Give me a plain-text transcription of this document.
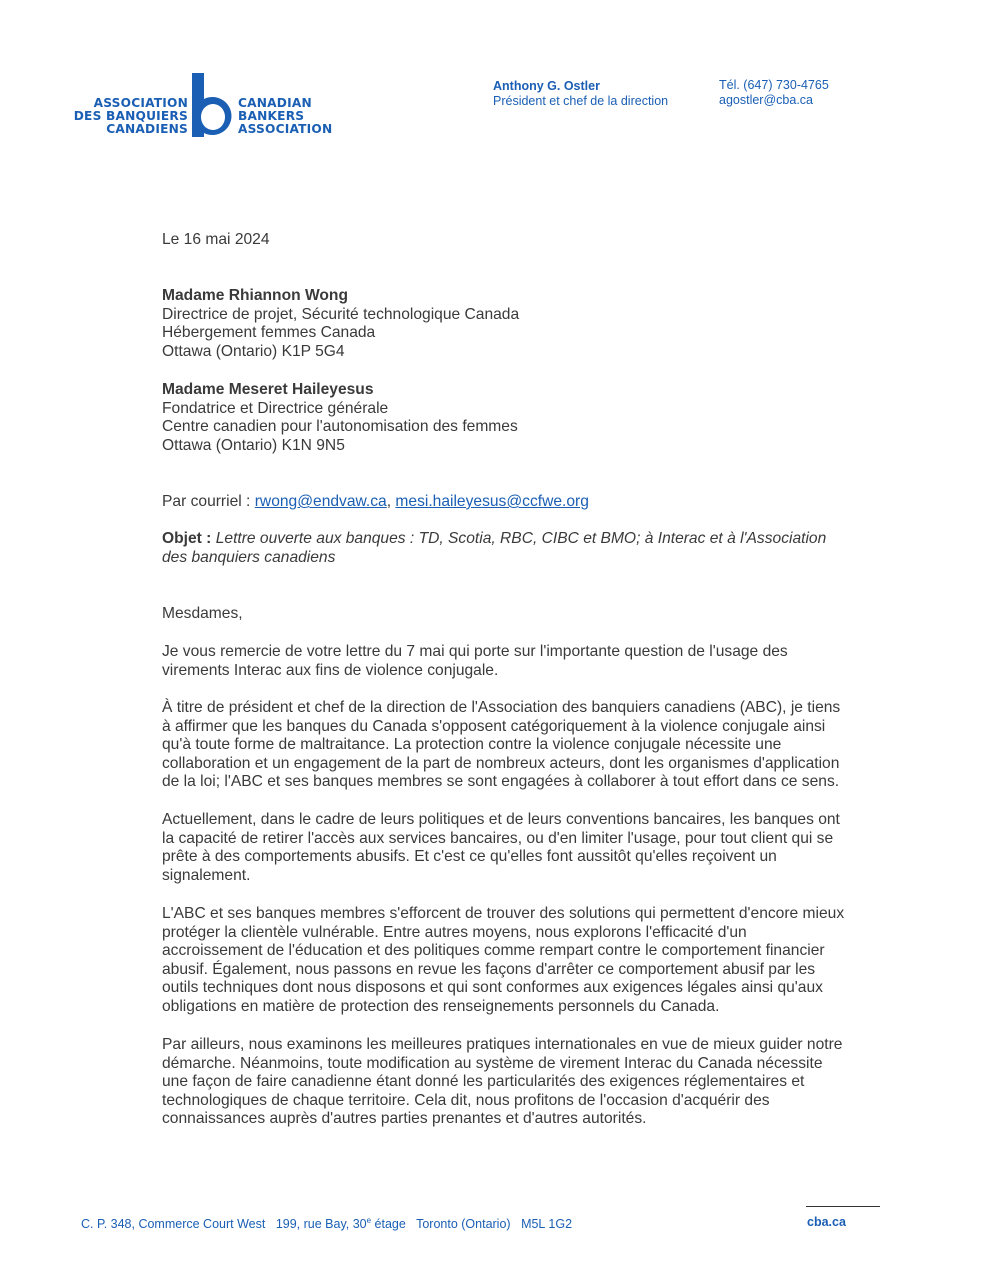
ASSOCIATION
DES BANQUIERS
CANADIENS
CANADIAN
BANKERS
ASSOCIATION
Anthony G. Ostler
Président et chef de la direction
Tél. (647) 730-4765
agostler@cba.ca
Le 16 mai 2024
Madame Rhiannon Wong
Directrice de projet, Sécurité technologique Canada
Hébergement femmes Canada
Ottawa (Ontario) K1P 5G4
Madame Meseret Haileyesus
Fondatrice et Directrice générale
Centre canadien pour l'autonomisation des femmes
Ottawa (Ontario) K1N 9N5
Par courriel : rwong@endvaw.ca, mesi.haileyesus@ccfwe.org
Objet : Lettre ouverte aux banques : TD, Scotia, RBC, CIBC et BMO; à Interac et à l'Association
des banquiers canadiens
Mesdames,
Je vous remercie de votre lettre du 7 mai qui porte sur l'importante question de l'usage des
virements Interac aux fins de violence conjugale.
À titre de président et chef de la direction de l'Association des banquiers canadiens (ABC), je tiens
à affirmer que les banques du Canada s'opposent catégoriquement à la violence conjugale ainsi
qu'à toute forme de maltraitance. La protection contre la violence conjugale nécessite une
collaboration et un engagement de la part de nombreux acteurs, dont les organismes d'application
de la loi; l'ABC et ses banques membres se sont engagées à collaborer à tout effort dans ce sens.
Actuellement, dans le cadre de leurs politiques et de leurs conventions bancaires, les banques ont
la capacité de retirer l'accès aux services bancaires, ou d'en limiter l'usage, pour tout client qui se
prête à des comportements abusifs. Et c'est ce qu'elles font aussitôt qu'elles reçoivent un
signalement.
L'ABC et ses banques membres s'efforcent de trouver des solutions qui permettent d'encore mieux
protéger la clientèle vulnérable. Entre autres moyens, nous explorons l'efficacité d'un
accroissement de l'éducation et des politiques comme rempart contre le comportement financier
abusif. Également, nous passons en revue les façons d'arrêter ce comportement abusif par les
outils techniques dont nous disposons et qui sont conformes aux exigences légales ainsi qu'aux
obligations en matière de protection des renseignements personnels du Canada.
Par ailleurs, nous examinons les meilleures pratiques internationales en vue de mieux guider notre
démarche. Néanmoins, toute modification au système de virement Interac du Canada nécessite
une façon de faire canadienne étant donné les particularités des exigences réglementaires et
technologiques de chaque territoire. Cela dit, nous profitons de l'occasion d'acquérir des
connaissances auprès d'autres parties prenantes et d'autres autorités.
C. P. 348, Commerce Court West 199, rue Bay, 30e étage Toronto (Ontario) M5L 1G2	cba.ca
